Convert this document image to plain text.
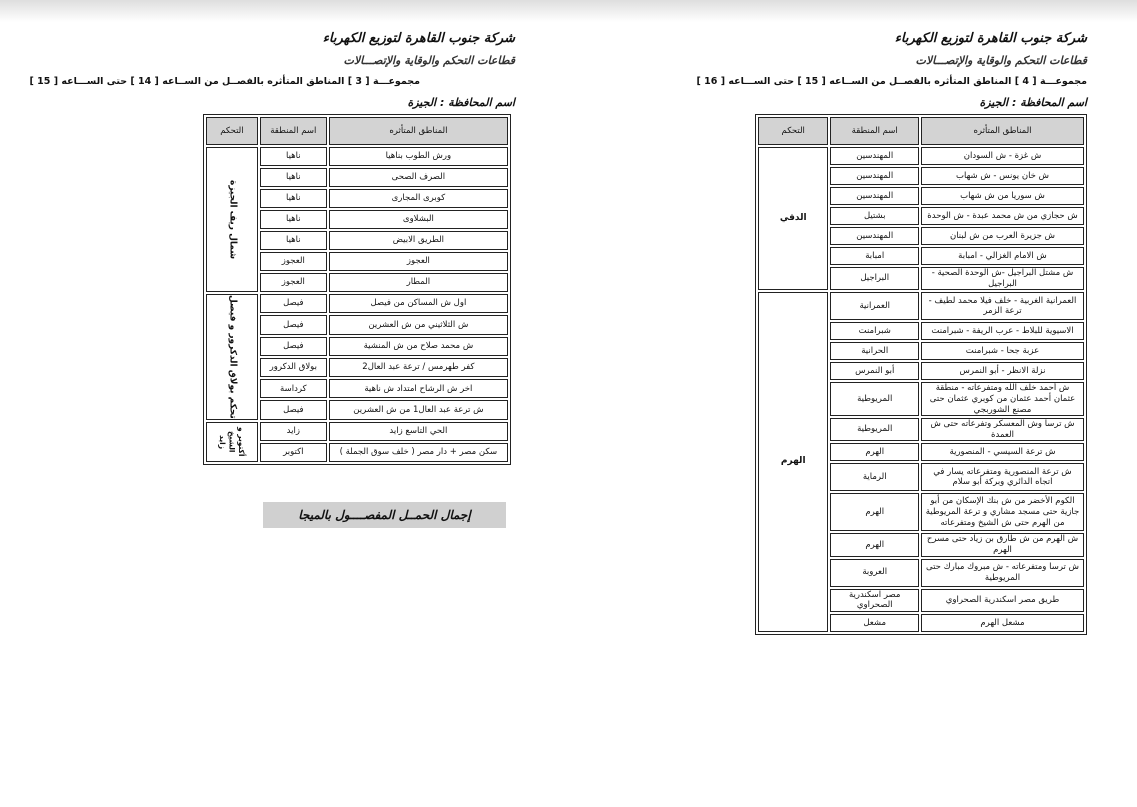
شركة جنوب القاهرة لتوزيع الكهرباء
قطاعات التحكم والوقاية والإتصـــالات
مجموعـــة [ 4 ] المناطق المتأثره بالفصــل من الســاعه [ 15 ] حتى الســـاعه [ 16 ]
اسم المحافظة : الجيزة
المناطق المتأثره	اسم المنطقة	التحكم
ش غزة - ش السودان	المهندسين	الدقي
ش خان يونس - ش شهاب	المهندسين	
ش سوريا من ش شهاب	المهندسين	
ش حجازي من ش محمد عبدة - ش الوحدة	بشتيل	
ش جزيرة العرب من ش لبنان	المهندسين	
ش الامام الغزالي - امبابة	امبابة	
ش مشتل البراجيل -ش الوحدة الصحية - البراجيل	البراجيل	
العمرانية الغربية - خلف فيلا محمد لطيف - ترعة الزمر	العمرانية	الهرم
الاسيوية للبلاط - عرب الريفة - شبرامنت	شبرامنت	
عزبة جحا - شبرامنت	الحرانية	
نزلة الانظر - أبو النمرس	أبو النمرس	
ش أحمد خلف الله ومتفرعاته - منطقة عثمان أحمد عثمان من كوبري عثمان حتى مصنع الشوربجي	المريوطية	
ش ترسا وش المعسكر وتفرعاته حتى ش العمدة	المريوطية	
ش ترعة السيسي - المنصورية	الهرم	
ش ترعة المنصورية ومتفرعاته يسار في اتجاه الدائري وبركة أبو سلام	الرماية	
الكوم الأخضر من ش بنك الإسكان من أبو جازية حتى مسجد مشاري و ترعة المريوطية من الهرم حتى ش الشيخ ومتفرعاته	الهرم	
ش الهرم من ش طارق بن زياد حتى مسرح الهرم	الهرم	
ش ترسا ومتفرعاته - ش مبروك مبارك حتى المريوطية	العروبة	
طريق مصر اسكندرية الصحراوي	مصر اسكندرية الصحراوي	
مشعل الهرم	مشعل	
شركة جنوب القاهرة لتوزيع الكهرباء
قطاعات التحكم والوقاية والإتصـــالات
مجموعـــة [ 3 ] المناطق المتأثره بالفصــل من الســاعه [ 14 ] حتى الســـاعه [ 15 ]
اسم المحافظة : الجيزة
المناطق المتأثره	اسم المنطقة	التحكم
ورش الطوب بناهيا	ناهيا	شمال ريف الجيزة

الصرف الصحى	ناهيا	
كوبرى المجارى	ناهيا	
البشلاوى	ناهيا	
الطريق الابيض	ناهيا	
العجوز	العجوز	
المطار	العجوز	
اول ش المساكن من فيصل	فيصل	تحكم بولاق الدكرور و فيصل

ش الثلاثيني من ش العشرين	فيصل	
ش محمد صلاح من ش المنشية	فيصل	
كفر طهرمس / ترعة عبد العال2	بولاق الدكرور	
اخر ش الرشاح امتداد ش ناهية	كرداسة	
ش ترعة عبد العال1 من ش العشرين	فيصل	
الحي التاسع زايد	زايد	أكتوبر و الشيخ زايد

سكن مصر + دار مصر ( خلف سوق الجملة )	اكتوبر	
إجمال الحمــل المفصــــول بالميجا
